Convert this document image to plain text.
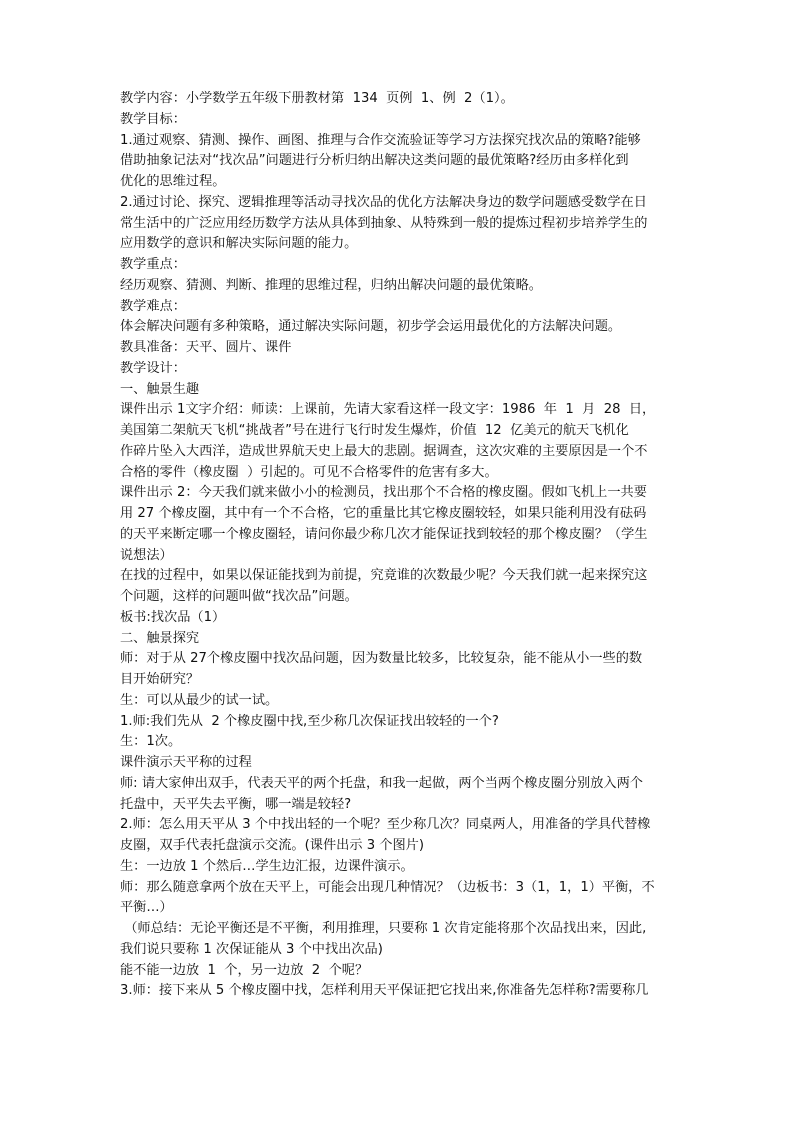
教学内容：小学数学五年级下册教材第  134  页例  1、例  2（1）。
教学目标：
1.通过观察、猜测、操作、画图、推理与合作交流验证等学习方法探究找次品的策略?能够
借助抽象记法对“找次品”问题进行分析归纳出解决这类问题的最优策略?经历由多样化到
优化的思维过程。
2.通过讨论、探究、逻辑推理等活动寻找次品的优化方法解决身边的数学问题感受数学在日
常生活中的广泛应用经历数学方法从具体到抽象、从特殊到一般的提炼过程初步培养学生的
应用数学的意识和解决实际问题的能力。
教学重点：
经历观察、猜测、判断、推理的思维过程，归纳出解决问题的最优策略。
教学难点：
体会解决问题有多种策略，通过解决实际问题，初步学会运用最优化的方法解决问题。
教具准备：天平、圆片、课件
教学设计：
一、触景生趣
课件出示 1文字介绍：师读：上课前，先请大家看这样一段文字：1986  年  1  月  28  日，
美国第二架航天飞机“挑战者”号在进行飞行时发生爆炸，价值  12  亿美元的航天飞机化
作碎片坠入大西洋，造成世界航天史上最大的悲剧。据调查，这次灾难的主要原因是一个不
合格的零件（橡皮圈  ）引起的。可见不合格零件的危害有多大。
课件出示 2：今天我们就来做小小的检测员，找出那个不合格的橡皮圈。假如飞机上一共要
用 27 个橡皮圈，其中有一个不合格，它的重量比其它橡皮圈较轻，如果只能利用没有砝码
的天平来断定哪一个橡皮圈轻，请问你最少称几次才能保证找到较轻的那个橡皮圈？（学生
说想法）
在找的过程中，如果以保证能找到为前提，究竟谁的次数最少呢？今天我们就一起来探究这
个问题，这样的问题叫做“找次品”问题。
板书:找次品（1）
二、触景探究
师：对于从 27个橡皮圈中找次品问题，因为数量比较多，比较复杂，能不能从小一些的数
目开始研究？
生：可以从最少的试一试。
1.师:我们先从  2 个橡皮圈中找,至少称几次保证找出较轻的一个?
生：1次。
课件演示天平称的过程
师: 请大家伸出双手，代表天平的两个托盘，和我一起做，两个当两个橡皮圈分别放入两个
托盘中，天平失去平衡，哪一端是较轻?
2.师：怎么用天平从 3 个中找出轻的一个呢？至少称几次？同桌两人，用准备的学具代替橡
皮圈，双手代表托盘演示交流。(课件出示 3 个图片)
生：一边放 1 个然后…学生边汇报，边课件演示。
师：那么随意拿两个放在天平上，可能会出现几种情况？（边板书：3（1，1，1）平衡，不
平衡…）
（师总结：无论平衡还是不平衡，利用推理，只要称 1 次肯定能将那个次品找出来，因此,
我们说只要称 1 次保证能从 3 个中找出次品)
能不能一边放  1  个，另一边放  2  个呢？
3.师：接下来从 5 个橡皮圈中找，怎样利用天平保证把它找出来,你准备先怎样称?需要称几
